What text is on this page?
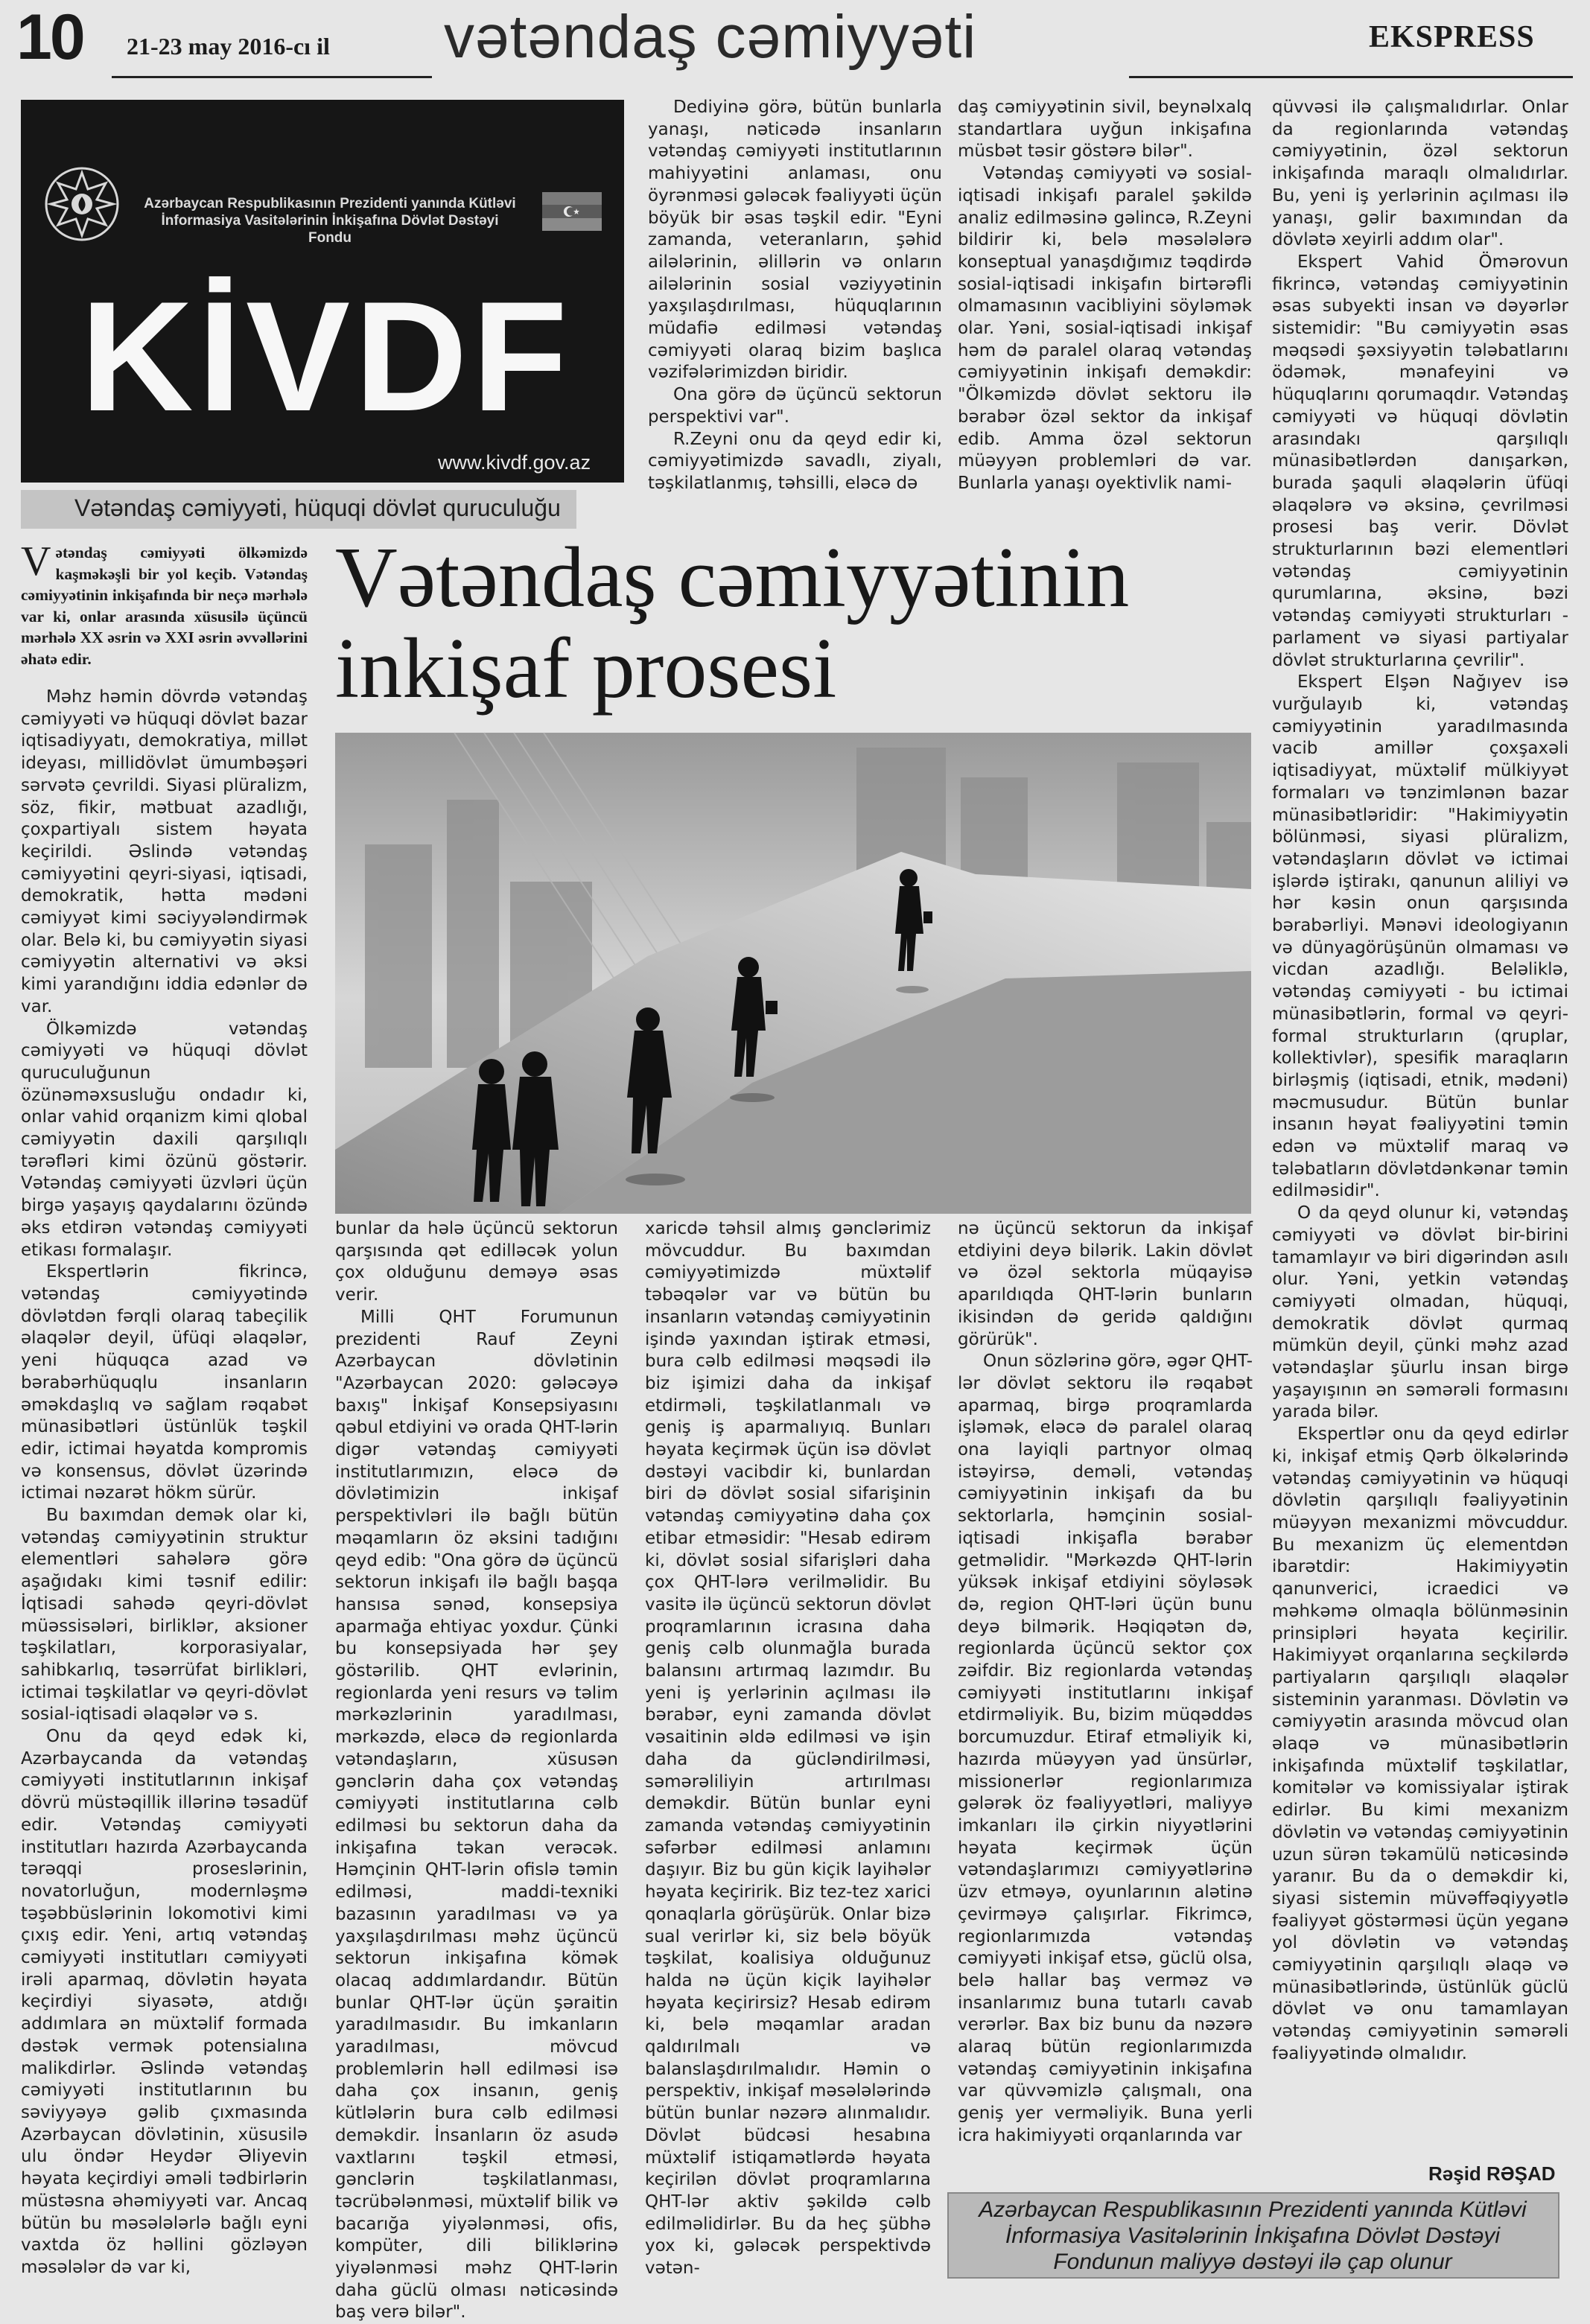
10 21-23 may 2016-cı il vətəndaş cəmiyyəti	EKSPRESS
Azərbaycan Respublikasının Prezidenti yanında Kütləvi İnformasiya Vasitələrinin İnkişafına Dövlət Dəstəyi Fondu
KİVDF
www.kivdf.gov.az
Vətəndaş cəmiyyəti, hüquqi dövlət quruculuğu
Vətəndaş cəmiyyətinin inkişaf prosesi
Vətəndaş cəmiyyəti ölkəmizdə kaşməkəşli bir yol keçib. Vətəndaş cəmiyyətinin inkişafında bir neçə mərhələ var ki, onlar arasında xüsusilə üçüncü mərhələ XX əsrin və XXI əsrin əvvəllərini əhatə edir.

Məhz həmin dövrdə vətəndaş cəmiyyəti və hüquqi dövlət bazar iqtisadiyyatı, demokratiya, millət ideyası, millidövlət ümumbəşəri sərvətə çevrildi. Siyasi plüralizm, söz, fikir, mətbuat azadlığı, çoxpartiyalı sistem həyata keçirildi. Əslində vətəndaş cəmiyyətini qeyri-siyasi, iqtisadi, demokratik, hətta mədəni cəmiyyət kimi səciyyələndirmək olar. Belə ki, bu cəmiyyətin siyasi cəmiyyətin alternativi və əksi kimi yarandığını iddia edənlər də var.

Ölkəmizdə vətəndaş cəmiyyəti və hüquqi dövlət quruculuğunun özünəməxsusluğu ondadır ki, onlar vahid orqanizm kimi qlobal cəmiyyətin daxili qarşılıqlı tərəfləri kimi özünü göstərir. Vətəndaş cəmiyyəti üzvləri üçün birgə yaşayış qaydalarını özündə əks etdirən vətəndaş cəmiyyəti etikası formalaşır.

Ekspertlərin fikrincə, vətəndaş cəmiyyətində dövlətdən fərqli olaraq tabeçilik əlaqələr deyil, üfüqi əlaqələr, yeni hüquqca azad və bərabərhüquqlu insanların əməkdaşlıq və sağlam rəqabət münasibətləri üstünlük təşkil edir, ictimai həyatda kompromis və konsensus, dövlət üzərində ictimai nəzarət hökm sürür.

Bu baxımdan demək olar ki, vətəndaş cəmiyyətinin struktur elementləri sahələrə görə aşağıdakı kimi təsnif edilir: İqtisadi sahədə qeyri-dövlət müəssisələri, birliklər, aksioner təşkilatları, korporasiyalar, sahibkarlıq, təsərrüfat birlikləri, ictimai təşkilatlar və qeyri-dövlət sosial-iqtisadi əlaqələr və s.

Onu da qeyd edək ki, Azərbaycanda da vətəndaş cəmiyyəti institutlarının inkişaf dövrü müstəqillik illərinə təsadüf edir. Vətəndaş cəmiyyəti institutları hazırda Azərbaycanda tərəqqi proseslərinin, novatorluğun, modernləşmə təşəbbüslərinin lokomotivi kimi çıxış edir. Yeni, artıq vətəndaş cəmiyyəti institutları cəmiyyəti irəli aparmaq, dövlətin həyata keçirdiyi siyasətə, atdığı addımlara ən müxtəlif formada dəstək vermək potensialına malikdirlər. Əslində vətəndaş cəmiyyəti institutlarının bu səviyyəyə gəlib çıxmasında Azərbaycan dövlətinin, xüsusilə ulu öndər Heydər Əliyevin həyata keçirdiyi əməli tədbirlərin müstəsna əhəmiyyəti var. Ancaq bütün bu məsələlərlə bağlı eyni vaxtda öz həllini gözləyən məsələlər də var ki,

Dediyinə görə, bütün bunlarla yanaşı, nəticədə insanların vətəndaş cəmiyyəti institutlarının mahiyyətini anlaması, onu öyrənməsi gələcək fəaliyyəti üçün böyük bir əsas təşkil edir. "Eyni zamanda, veteranların, şəhid ailələrinin, əlillərin və onların ailələrinin sosial vəziyyətinin yaxşılaşdırılması, hüquqlarının müdafiə edilməsi vətəndaş cəmiyyəti olaraq bizim başlıca vəzifələrimizdən biridir.

Ona görə də üçüncü sektorun perspektivi var".

R.Zeyni onu da qeyd edir ki, cəmiyyətimizdə savadlı, ziyalı, təşkilatlanmış, təhsilli, eləcə də

daş cəmiyyətinin sivil, beynəlxalq standartlara uyğun inkişafına müsbət təsir göstərə bilər".

Vətəndaş cəmiyyəti və sosial-iqtisadi inkişafı paralel şəkildə analiz edilməsinə gəlincə, R.Zeyni bildirir ki, belə məsələlərə konseptual yanaşdığımız təqdirdə sosial-iqtisadi inkişafın birtərəfli olmamasının vacibliyini söyləmək olar. Yəni, sosial-iqtisadi inkişaf həm də paralel olaraq vətəndaş cəmiyyətinin inkişafı deməkdir: "Ölkəmizdə dövlət sektoru ilə bərabər özəl sektor da inkişaf edib. Amma özəl sektorun müəyyən problemləri də var. Bunlarla yanaşı oyektivlik nami-

qüvvəsi ilə çalışmalıdırlar. Onlar da regionlarında vətəndaş cəmiyyətinin, özəl sektorun inkişafında maraqlı olmalıdırlar. Bu, yeni iş yerlərinin açılması ilə yanaşı, gəlir baxımından da dövlətə xeyirli addım olar".

Ekspert Vahid Ömərovun fikrincə, vətəndaş cəmiyyətinin əsas subyekti insan və dəyərlər sistemidir: "Bu cəmiyyətin əsas məqsədi şəxsiyyətin tələbatlarını ödəmək, mənafeyini və hüquqlarını qorumaqdır. Vətəndaş cəmiyyəti və hüquqi dövlətin arasındakı qarşılıqlı münasibətlərdən danışarkən, burada şaquli əlaqələrin üfüqi əlaqələrə və əksinə, çevrilməsi prosesi baş verir. Dövlət strukturlarının bəzi elementləri vətəndaş cəmiyyətinin qurumlarına, əksinə, bəzi vətəndaş cəmiyyəti strukturları - parlament və siyasi partiyalar dövlət strukturlarına çevrilir".

Ekspert Elşən Nağıyev isə vurğulayıb ki, vətəndaş cəmiyyətinin yaradılmasında vacib amillər çoxşaxəli iqtisadiyyat, müxtəlif mülkiyyət formaları və tənzimlənən bazar münasibətləridir: "Hakimiyyətin bölünməsi, siyasi plüralizm, vətəndaşların dövlət və ictimai işlərdə iştirakı, qanunun aliliyi və hər kəsin onun qarşısında bərabərliyi. Mənəvi ideologiyanın və dünyagörüşünün olmaması və vicdan azadlığı. Beləliklə, vətəndaş cəmiyyəti - bu ictimai münasibətlərin, formal və qeyri-formal strukturların (qruplar, kollektivlər), spesifik maraqların birləşmiş (iqtisadi, etnik, mədəni) məcmusudur. Bütün bunlar insanın həyat fəaliyyətini təmin edən və müxtəlif maraq və tələbatların dövlətdənkənar təmin edilməsidir".

O da qeyd olunur ki, vətəndaş cəmiyyəti və dövlət bir-birini tamamlayır və biri digərindən asılı olur. Yəni, yetkin vətəndaş cəmiyyəti olmadan, hüquqi, demokratik dövlət qurmaq mümkün deyil, çünki məhz azad vətəndaşlar şüurlu insan birgə yaşayışının ən səmərəli formasını yarada bilər.

Ekspertlər onu da qeyd edirlər ki, inkişaf etmiş Qərb ölkələrində vətəndaş cəmiyyətinin və hüquqi dövlətin qarşılıqlı fəaliyyətinin müəyyən mexanizmi mövcuddur. Bu mexanizm üç elementdən ibarətdir: Hakimiyyətin qanunverici, icraedici və məhkəmə olmaqla bölünməsinin prinsipləri həyata keçirilir. Hakimiyyət orqanlarına seçkilərdə partiyaların qarşılıqlı əlaqələr sisteminin yaranması. Dövlətin və cəmiyyətin arasında mövcud olan əlaqə və münasibətlərin inkişafında müxtəlif təşkilatlar, komitələr və komissiyalar iştirak edirlər. Bu kimi mexanizm dövlətin və vətəndaş cəmiyyətinin uzun sürən təkamülü nəticəsində yaranır. Bu da o deməkdir ki, siyasi sistemin müvəffəqiyyətlə fəaliyyət göstərməsi üçün yeganə yol dövlətin və vətəndaş cəmiyyətinin qarşılıqlı əlaqə və münasibətlərində, üstünlük güclü dövlət və onu tamamlayan vətəndaş cəmiyyətinin səmərəli fəaliyyətində olmalıdır.

bunlar da hələ üçüncü sektorun qarşısında qət edilləcək yolun çox olduğunu deməyə əsas verir.

Milli QHT Forumunun prezidenti Rauf Zeyni Azərbaycan dövlətinin "Azərbaycan 2020: gələcəyə baxış" İnkişaf Konsepsiyasını qəbul etdiyini və orada QHT-lərin digər vətəndaş cəmiyyəti institutlarımızın, eləcə də dövlətimizin inkişaf perspektivləri ilə bağlı bütün məqamların öz əksini tadığını qeyd edib: "Ona görə də üçüncü sektorun inkişafı ilə bağlı başqa hansısa sənəd, konsepsiya aparmağa ehtiyac yoxdur. Çünki bu konsepsiyada hər şey göstərilib. QHT evlərinin, regionlarda yeni resurs və təlim mərkəzlərinin yaradılması, mərkəzdə, eləcə də regionlarda vətəndaşların, xüsusən gənclərin daha çox vətəndaş cəmiyyəti institutlarına cəlb edilməsi bu sektorun daha da inkişafına təkan verəcək. Həmçinin QHT-lərin ofislə təmin edilməsi, maddi-texniki bazasının yaradılması və ya yaxşılaşdırılması məhz üçüncü sektorun inkişafına kömək olacaq addımlardandır. Bütün bunlar QHT-lər üçün şəraitin yaradılmasıdır. Bu imkanların yaradılması, mövcud problemlərin həll edilməsi isə daha çox insanın, geniş kütlələrin bura cəlb edilməsi deməkdir. İnsanların öz asudə vaxtlarını təşkil etməsi, gənclərin təşkilatlanması, təcrübələnməsi, müxtəlif bilik və bacarığa yiyələnməsi, ofis, kompüter, dili biliklərinə yiyələnməsi məhz QHT-lərin daha güclü olması nəticəsində baş verə bilər".

xaricdə təhsil almış gənclərimiz mövcuddur. Bu baxımdan cəmiyyətimizdə müxtəlif təbəqələr var və bütün bu insanların vətəndaş cəmiyyətinin işində yaxından iştirak etməsi, bura cəlb edilməsi məqsədi ilə biz işimizi daha da inkişaf etdirməli, təşkilatlanmalı və geniş iş aparmalıyıq. Bunları həyata keçirmək üçün isə dövlət dəstəyi vacibdir ki, bunlardan biri də dövlət sosial sifarişinin vətəndaş cəmiyyətinə daha çox etibar etməsidir: "Hesab edirəm ki, dövlət sosial sifarişləri daha çox QHT-lərə verilməlidir. Bu vasitə ilə üçüncü sektorun dövlət proqramlarının icrasına daha geniş cəlb olunmağla burada balansını artırmaq lazımdır. Bu yeni iş yerlərinin açılması ilə bərabər, eyni zamanda dövlət vəsaitinin əldə edilməsi və işin daha da gücləndirilməsi, səmərəliliyin artırılması deməkdir. Bütün bunlar eyni zamanda vətəndaş cəmiyyətinin səfərbər edilməsi anlamını daşıyır. Biz bu gün kiçik layihələr həyata keçiririk. Biz tez-tez xarici qonaqlarla görüşürük. Onlar bizə sual verirlər ki, siz belə böyük təşkilat, koalisiya olduğunuz halda nə üçün kiçik layihələr həyata keçirirsiz? Hesab edirəm ki, belə məqamlar aradan qaldırılmalı və balanslaşdırılmalıdır. Həmin o perspektiv, inkişaf məsələlərində bütün bunlar nəzərə alınmalıdır. Dövlət büdcəsi hesabına müxtəlif istiqamətlərdə həyata keçirilən dövlət proqramlarına QHT-lər aktiv şəkildə cəlb edilməlidirlər. Bu da heç şübhə yox ki, gələcək perspektivdə vətən-

nə üçüncü sektorun da inkişaf etdiyini deyə bilərik. Lakin dövlət və özəl sektorla müqayisə aparıldıqda QHT-lərin bunların ikisindən də geridə qaldığını görürük".

Onun sözlərinə görə, əgər QHT-lər dövlət sektoru ilə rəqabət aparmaq, birgə proqramlarda işləmək, eləcə də paralel olaraq ona layiqli partnyor olmaq istəyirsə, deməli, vətəndaş cəmiyyətinin inkişafı da bu sektorlarla, həmçinin sosial-iqtisadi inkişafla bərabər getməlidir. "Mərkəzdə QHT-lərin yüksək inkişaf etdiyini söyləsək də, region QHT-ləri üçün bunu deyə bilmərik. Həqiqətən də, regionlarda üçüncü sektor çox zəifdir. Biz regionlarda vətəndaş cəmiyyəti institutlarını inkişaf etdirməliyik. Bu, bizim müqəddəs borcumuzdur. Etiraf etməliyik ki, hazırda müəyyən yad ünsürlər, missionerlər regionlarımıza gələrək öz fəaliyyətləri, maliyyə imkanları ilə çirkin niyyətlərini həyata keçirmək üçün vətəndaşlarımızı cəmiyyətlərinə üzv etməyə, oyunlarının alətinə çevirməyə çalışırlar. Fikrimcə, regionlarımızda vətəndaş cəmiyyəti inkişaf etsə, güclü olsa, belə hallar baş verməz və insanlarımız buna tutarlı cavab verərlər. Bax biz bunu da nəzərə alaraq bütün regionlarımızda vətəndaş cəmiyyətinin inkişafına var qüvvəmizlə çalışmalı, ona geniş yer verməliyik. Buna yerli icra hakimiyyəti orqanlarında var

Rəşid RƏŞAD
Azərbaycan Respublikasının Prezidenti yanında Kütləvi İnformasiya Vasitələrinin İnkişafına Dövlət Dəstəyi Fondunun maliyyə dəstəyi ilə çap olunur
